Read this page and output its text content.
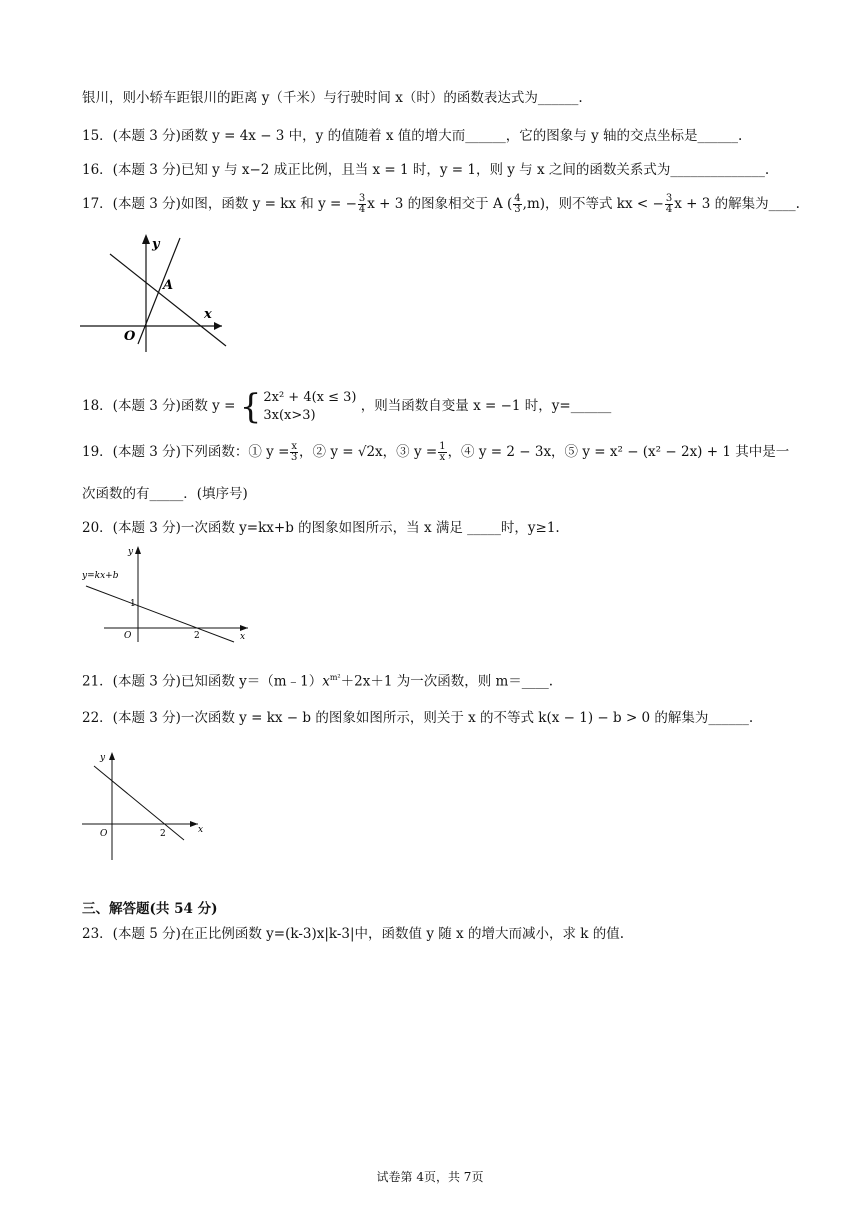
银川，则小轿车距银川的距离 y（千米）与行驶时间 x（时）的函数表达式为______.
15．(本题 3 分)函数 y = 4x − 3 中，y 的值随着 x 值的增大而______，它的图象与 y 轴的交点坐标是______.
16．(本题 3 分)已知 y 与 x−2 成正比例，且当 x = 1 时，y = 1，则 y 与 x 之间的函数关系式为______________.
17．(本题 3 分)如图，函数 y = kx 和 y = − $\frac{3}{4}$ x + 3 的图象相交于 A ( $\frac{4}{3} ,m$)，则不等式 kx < − $\frac{3}{4}$ x + 3 的解集为____.
y
x
A
O
18．(本题 3 分)函数 y = { 2x² + 4(x ≤ 3)
3x(x>3) ，则当函数自变量 x = −1 时，y=______
19．(本题 3 分)下列函数：① $y = \frac{x}{3}$ ，② y = √2x，③ $y = \frac{1}{x}$ ，④ y = 2 − 3x，⑤ y = x² − (x² − 2x) + 1 其中是一
次函数的有_____．(填序号)
20．(本题 3 分)一次函数 y=kx+b 的图象如图所示，当 x 满足 _____时，y≥1.
y
x
y=kx+b
1
O	2
21．(本题 3 分)已知函数 $y=(m﹣1)x^{m^2}+2x+1$ 为一次函数，则 m＝____.
22．(本题 3 分)一次函数 y = kx − b 的图象如图所示，则关于 x 的不等式 k(x − 1) − b > 0 的解集为______.
y
x
O	2
三、解答题(共 54 分)
23．(本题 5 分)在正比例函数 y=(k-3)x|k-3|中，函数值 y 随 x 的增大而减小，求 k 的值.
试卷第 4页，共 7页
